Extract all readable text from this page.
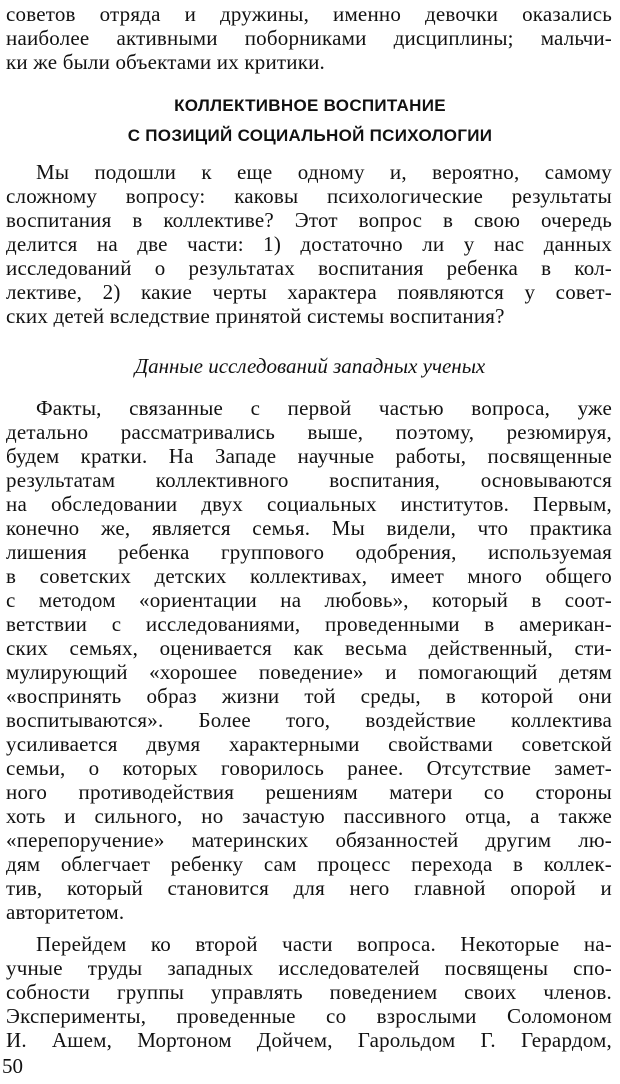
советов отряда и дружины, именно девочки оказались
наиболее активными поборниками дисциплины; мальчи-
ки же были объектами их критики.
КОЛЛЕКТИВНОЕ ВОСПИТАНИЕ
С ПОЗИЦИЙ СОЦИАЛЬНОЙ ПСИХОЛОГИИ
Мы подошли к еще одному и, вероятно, самому
сложному вопросу: каковы психологические результаты
воспитания в коллективе? Этот вопрос в свою очередь
делится на две части: 1) достаточно ли у нас данных
исследований о результатах воспитания ребенка в кол-
лективе, 2) какие черты характера появляются у совет-
ских детей вследствие принятой системы воспитания?
Данные исследований западных ученых
Факты, связанные с первой частью вопроса, уже
детально рассматривались выше, поэтому, резюмируя,
будем кратки. На Западе научные работы, посвященные
результатам коллективного воспитания, основываются
на обследовании двух социальных институтов. Первым,
конечно же, является семья. Мы видели, что практика
лишения ребенка группового одобрения, используемая
в советских детских коллективах, имеет много общего
с методом «ориентации на любовь», который в соот-
ветствии с исследованиями, проведенными в американ-
ских семьях, оценивается как весьма действенный, сти-
мулирующий «хорошее поведение» и помогающий детям
«воспринять образ жизни той среды, в которой они
воспитываются». Более того, воздействие коллектива
усиливается двумя характерными свойствами советской
семьи, о которых говорилось ранее. Отсутствие замет-
ного противодействия решениям матери со стороны
хоть и сильного, но зачастую пассивного отца, а также
«перепоручение» материнских обязанностей другим лю-
дям облегчает ребенку сам процесс перехода в коллек-
тив, который становится для него главной опорой и
авторитетом.
Перейдем ко второй части вопроса. Некоторые на-
учные труды западных исследователей посвящены спо-
собности группы управлять поведением своих членов.
Эксперименты, проведенные со взрослыми Соломоном
И. Ашем, Мортоном Дойчем, Гарольдом Г. Герардом,
50
